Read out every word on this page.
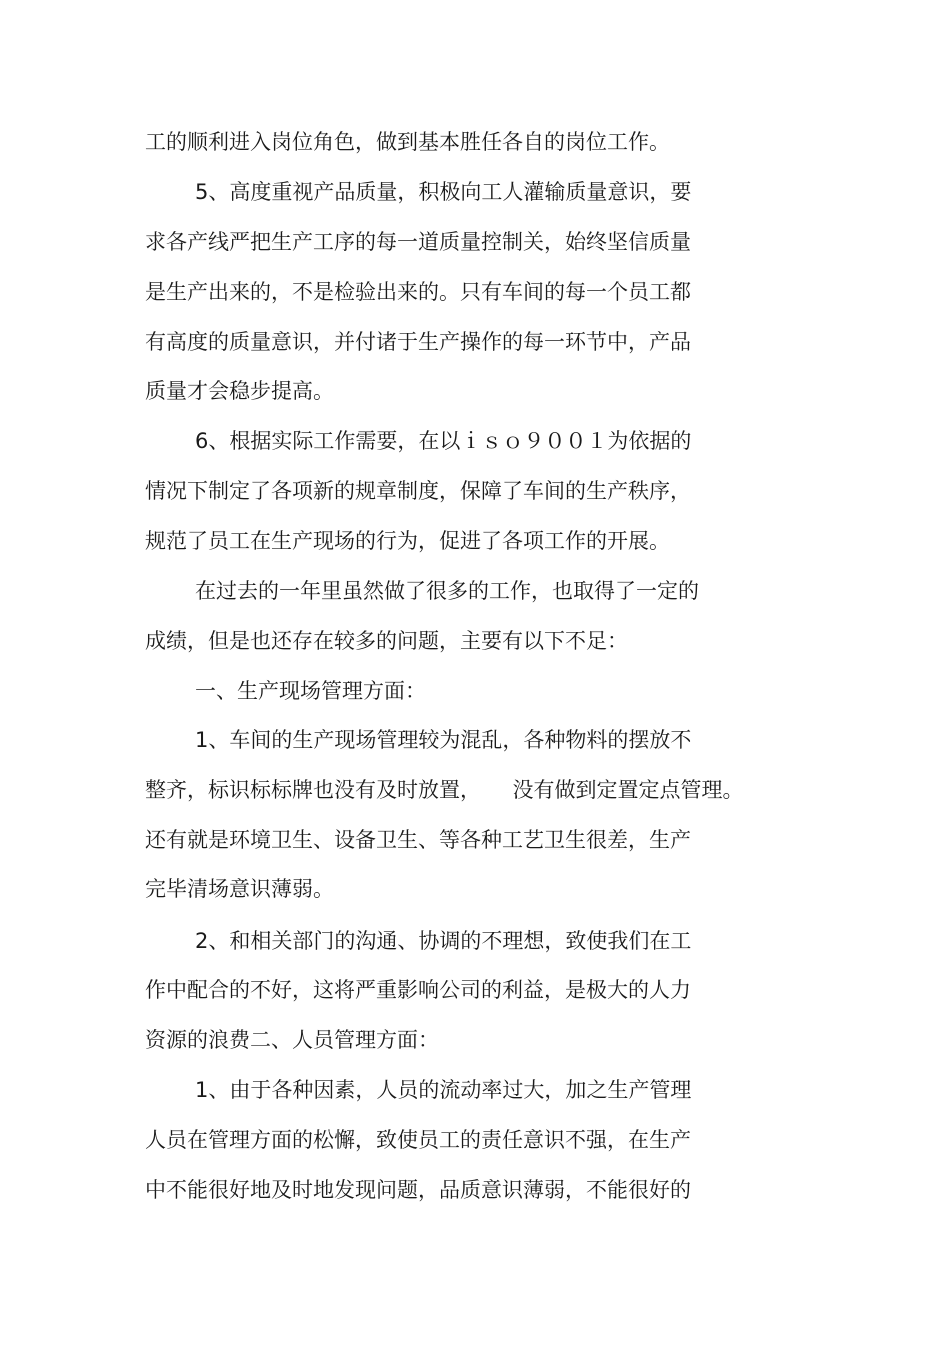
工的顺利进入岗位角色，做到基本胜任各自的岗位工作。

5、高度重视产品质量，积极向工人灌输质量意识，要

求各产线严把生产工序的每一道质量控制关，始终坚信质量

是生产出来的，不是检验出来的。只有车间的每一个员工都

有高度的质量意识，并付诸于生产操作的每一环节中，产品

质量才会稳步提高。

6、根据实际工作需要，在以ｉｓｏ９００１为依据的

情况下制定了各项新的规章制度，保障了车间的生产秩序，

规范了员工在生产现场的行为，促进了各项工作的开展。

在过去的一年里虽然做了很多的工作，也取得了一定的

成绩，但是也还存在较多的问题，主要有以下不足：

一、生产现场管理方面：

1、车间的生产现场管理较为混乱，各种物料的摆放不

整齐，标识标标牌也没有及时放置，　　没有做到定置定点管理。

还有就是环境卫生、设备卫生、等各种工艺卫生很差，生产

完毕清场意识薄弱。

2、和相关部门的沟通、协调的不理想，致使我们在工

作中配合的不好，这将严重影响公司的利益，是极大的人力

资源的浪费二、人员管理方面：

1、由于各种因素，人员的流动率过大，加之生产管理

人员在管理方面的松懈，致使员工的责任意识不强，在生产

中不能很好地及时地发现问题，品质意识薄弱，不能很好的
